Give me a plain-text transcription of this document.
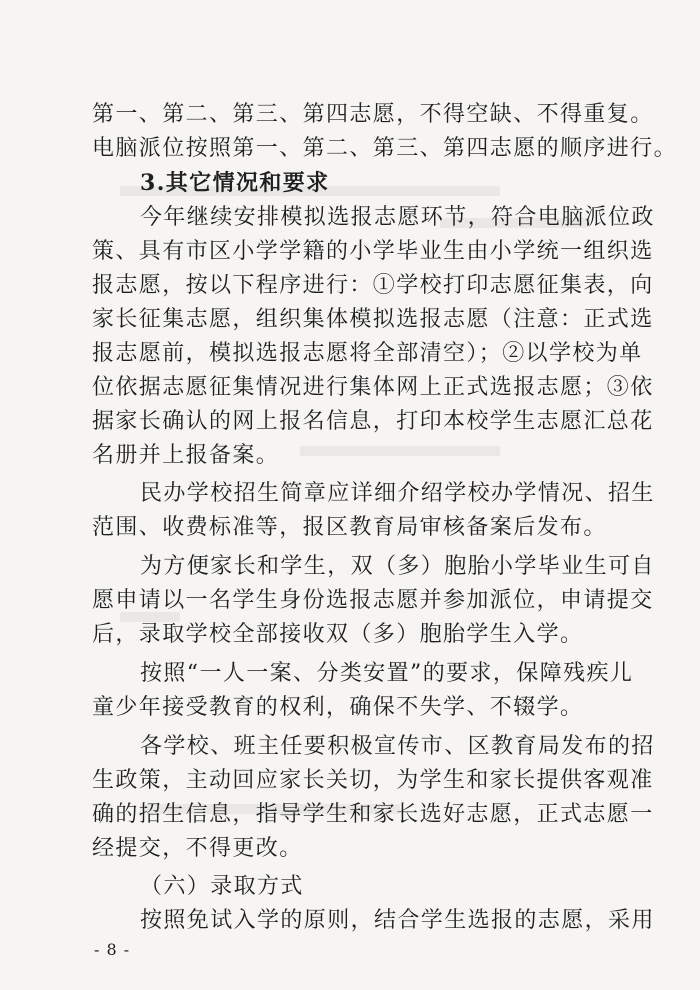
第一、第二、第三、第四志愿，不得空缺、不得重复。
电脑派位按照第一、第二、第三、第四志愿的顺序进行。
3.其它情况和要求
今年继续安排模拟选报志愿环节，符合电脑派位政
策、具有市区小学学籍的小学毕业生由小学统一组织选
报志愿，按以下程序进行：①学校打印志愿征集表，向
家长征集志愿，组织集体模拟选报志愿（注意：正式选
报志愿前，模拟选报志愿将全部清空）；②以学校为单
位依据志愿征集情况进行集体网上正式选报志愿；③依
据家长确认的网上报名信息，打印本校学生志愿汇总花
名册并上报备案。
民办学校招生简章应详细介绍学校办学情况、招生
范围、收费标准等，报区教育局审核备案后发布。
为方便家长和学生，双（多）胞胎小学毕业生可自
愿申请以一名学生身份选报志愿并参加派位，申请提交
后，录取学校全部接收双（多）胞胎学生入学。
按照“一人一案、分类安置”的要求，保障残疾儿
童少年接受教育的权利，确保不失学、不辍学。
各学校、班主任要积极宣传市、区教育局发布的招
生政策，主动回应家长关切，为学生和家长提供客观准
确的招生信息，指导学生和家长选好志愿，正式志愿一
经提交，不得更改。
（六）录取方式
按照免试入学的原则，结合学生选报的志愿，采用
- 8 -
